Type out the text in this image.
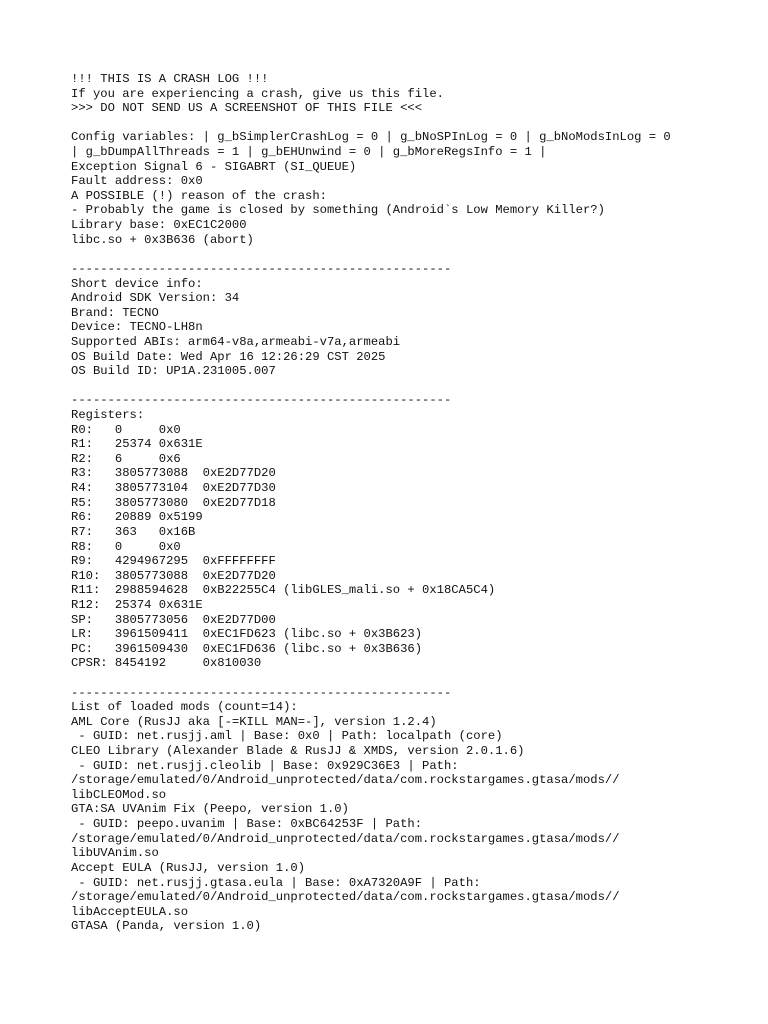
!!! THIS IS A CRASH LOG !!!
If you are experiencing a crash, give us this file.
>>> DO NOT SEND US A SCREENSHOT OF THIS FILE <<<
Config variables: | g_bSimplerCrashLog = 0 | g_bNoSPInLog = 0 | g_bNoModsInLog = 0
| g_bDumpAllThreads = 1 | g_bEHUnwind = 0 | g_bMoreRegsInfo = 1 |
Exception Signal 6 - SIGABRT (SI_QUEUE)
Fault address: 0x0
A POSSIBLE (!) reason of the crash:
- Probably the game is closed by something (Android`s Low Memory Killer?)
Library base: 0xEC1C2000
libc.so + 0x3B636 (abort)
----------------------------------------------------
Short device info:
Android SDK Version: 34
Brand: TECNO
Device: TECNO-LH8n
Supported ABIs: arm64-v8a,armeabi-v7a,armeabi
OS Build Date: Wed Apr 16 12:26:29 CST 2025
OS Build ID: UP1A.231005.007
----------------------------------------------------
Registers:
R0:   0     0x0
R1:   25374 0x631E
R2:   6     0x6
R3:   3805773088  0xE2D77D20
R4:   3805773104  0xE2D77D30
R5:   3805773080  0xE2D77D18
R6:   20889 0x5199
R7:   363   0x16B
R8:   0     0x0
R9:   4294967295  0xFFFFFFFF
R10:  3805773088  0xE2D77D20
R11:  2988594628  0xB22255C4 (libGLES_mali.so + 0x18CA5C4)
R12:  25374 0x631E
SP:   3805773056  0xE2D77D00
LR:   3961509411  0xEC1FD623 (libc.so + 0x3B623)
PC:   3961509430  0xEC1FD636 (libc.so + 0x3B636)
CPSR: 8454192     0x810030
----------------------------------------------------
List of loaded mods (count=14):
AML Core (RusJJ aka [-=KILL MAN=-], version 1.2.4)
- GUID: net.rusjj.aml | Base: 0x0 | Path: localpath (core)
CLEO Library (Alexander Blade & RusJJ & XMDS, version 2.0.1.6)
- GUID: net.rusjj.cleolib | Base: 0x929C36E3 | Path:
/storage/emulated/0/Android_unprotected/data/com.rockstargames.gtasa/mods//
libCLEOMod.so
GTA:SA UVAnim Fix (Peepo, version 1.0)
- GUID: peepo.uvanim | Base: 0xBC64253F | Path:
/storage/emulated/0/Android_unprotected/data/com.rockstargames.gtasa/mods//
libUVAnim.so
Accept EULA (RusJJ, version 1.0)
- GUID: net.rusjj.gtasa.eula | Base: 0xA7320A9F | Path:
/storage/emulated/0/Android_unprotected/data/com.rockstargames.gtasa/mods//
libAcceptEULA.so
GTASA (Panda, version 1.0)
